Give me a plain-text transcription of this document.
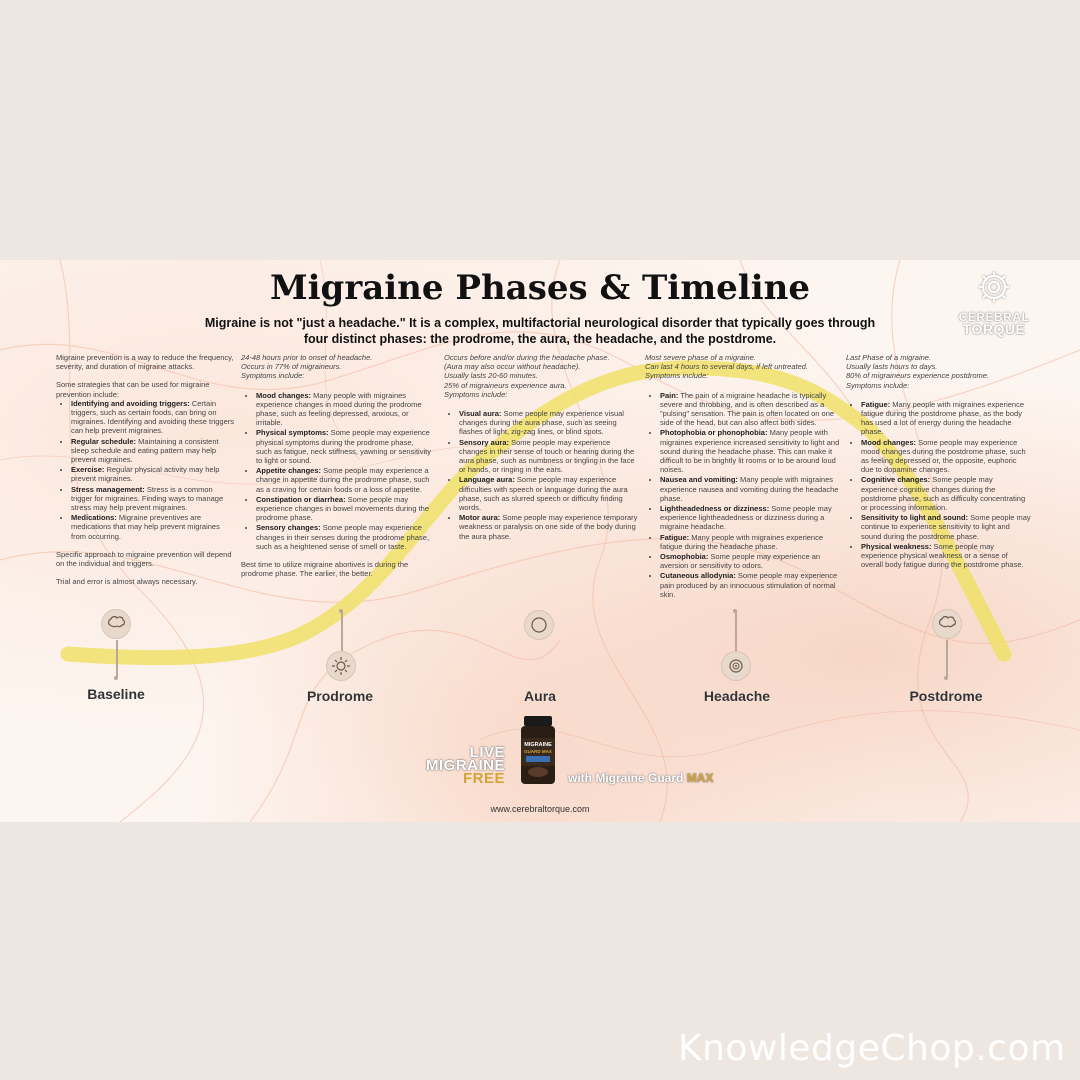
Migraine Phases & Timeline
Migraine is not "just a headache." It is a complex, multifactorial neurological disorder that typically goes through four distinct phases: the prodrome, the aura, the headache, and the postdrome.
CEREBRAL
TORQUE

Migraine prevention is a way to reduce the frequency, severity, and duration of migraine attacks.

Some strategies that can be used for migraine prevention include:

• Identifying and avoiding triggers: Certain triggers, such as certain foods, can bring on migraines. Identifying and avoiding these triggers can help prevent migraines.
• Regular schedule: Maintaining a consistent sleep schedule and eating pattern may help prevent migraines.
• Exercise: Regular physical activity may help prevent migraines.
• Stress management: Stress is a common trigger for migraines. Finding ways to manage stress may help prevent migraines.
• Medications: Migraine preventives are medications that may help prevent migraines from occurring.

Specific approach to migraine prevention will depend on the individual and triggers.

Trial and error is almost always necessary.

24-48 hours prior to onset of headache.
Occurs in 77% of migraineurs.
Symptoms include:

• Mood changes: Many people with migraines experience changes in mood during the prodrome phase, such as feeling depressed, anxious, or irritable.
• Physical symptoms: Some people may experience physical symptoms during the prodrome phase, such as fatigue, neck stiffness, yawning or sensitivity to light or sound.
• Appetite changes: Some people may experience a change in appetite during the prodrome phase, such as a craving for certain foods or a loss of appetite.
• Constipation or diarrhea: Some people may experience changes in bowel movements during the prodrome phase.
• Sensory changes: Some people may experience changes in their senses during the prodrome phase, such as a heightened sense of smell or taste.

Best time to utilize migraine abortives is during the prodrome phase. The earlier, the better.

Occurs before and/or during the headache phase.
(Aura may also occur without headache).
Usually lasts 20-60 minutes.
25% of migraineurs experience aura.
Symptoms include:

• Visual aura: Some people may experience visual changes during the aura phase, such as seeing flashes of light, zig-zag lines, or blind spots.
• Sensory aura: Some people may experience changes in their sense of touch or hearing during the aura phase, such as numbness or tingling in the face or hands, or ringing in the ears.
• Language aura: Some people may experience difficulties with speech or language during the aura phase, such as slurred speech or difficulty finding words.
• Motor aura: Some people may experience temporary weakness or paralysis on one side of the body during the aura phase.

Most severe phase of a migraine.
Can last 4 hours to several days, if left untreated.
Symptoms include:

• Pain: The pain of a migraine headache is typically severe and throbbing, and is often described as a "pulsing" sensation. The pain is often located on one side of the head, but can also affect both sides.
• Photophobia or phonophobia: Many people with migraines experience increased sensitivity to light and sound during the headache phase. This can make it difficult to be in brightly lit rooms or to be around loud noises.
• Nausea and vomiting: Many people with migraines experience nausea and vomiting during the headache phase.
• Lightheadedness or dizziness: Some people may experience lightheadedness or dizziness during a migraine headache.
• Fatigue: Many people with migraines experience fatigue during the headache phase.
• Osmophobia: Some people may experience an aversion or sensitivity to odors.
• Cutaneous allodynia: Some people may experience pain produced by an innocuous stimulation of normal skin.

Last Phase of a migraine.
Usually lasts hours to days.
80% of migraineurs experience postdrome.
Symptoms include:

• Fatigue: Many people with migraines experience fatigue during the postdrome phase, as the body has used a lot of energy during the headache phase.
• Mood changes: Some people may experience mood changes during the postdrome phase, such as feeling depressed or, the opposite, euphoric due to dopamine changes.
• Cognitive changes: Some people may experience cognitive changes during the postdrome phase, such as difficulty concentrating or processing information.
• Sensitivity to light and sound: Some people may continue to experience sensitivity to light and sound during the postdrome phase.
• Physical weakness: Some people may experience physical weakness or a sense of overall body fatigue during the postdrome phase.
Baseline	Prodrome	Aura	Headache	Postdrome
LIVE
MIGRAINE
FREE
MIGRAINE
GUARD MAX
with Migraine Guard MAX
www.cerebraltorque.com
KnowledgeChop.com
